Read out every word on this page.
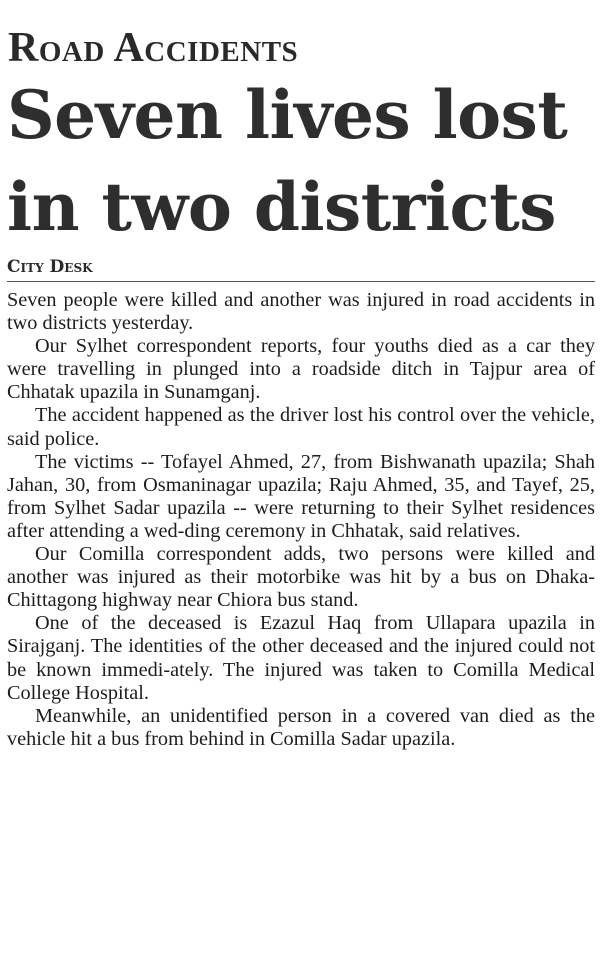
Road Accidents
Seven lives lost in two districts
City Desk

Seven people were killed and another was injured in road accidents in two districts yesterday.

Our Sylhet correspondent reports, four youths died as a car they were travelling in plunged into a roadside ditch in Tajpur area of Chhatak upazila in Sunamganj.

The accident happened as the driver lost his control over the vehicle, said police.

The victims -- Tofayel Ahmed, 27, from Bishwanath upazila; Shah Jahan, 30, from Osmaninagar upazila; Raju Ahmed, 35, and Tayef, 25, from Sylhet Sadar upazila -- were returning to their Sylhet residences after attending a wed-ding ceremony in Chhatak, said relatives.

Our Comilla correspondent adds, two persons were killed and another was injured as their motorbike was hit by a bus on Dhaka-Chittagong highway near Chiora bus stand.

One of the deceased is Ezazul Haq from Ullapara upazila in Sirajganj. The identities of the other deceased and the injured could not be known immedi-ately. The injured was taken to Comilla Medical College Hospital.

Meanwhile, an unidentified person in a covered van died as the vehicle hit a bus from behind in Comilla Sadar upazila.
